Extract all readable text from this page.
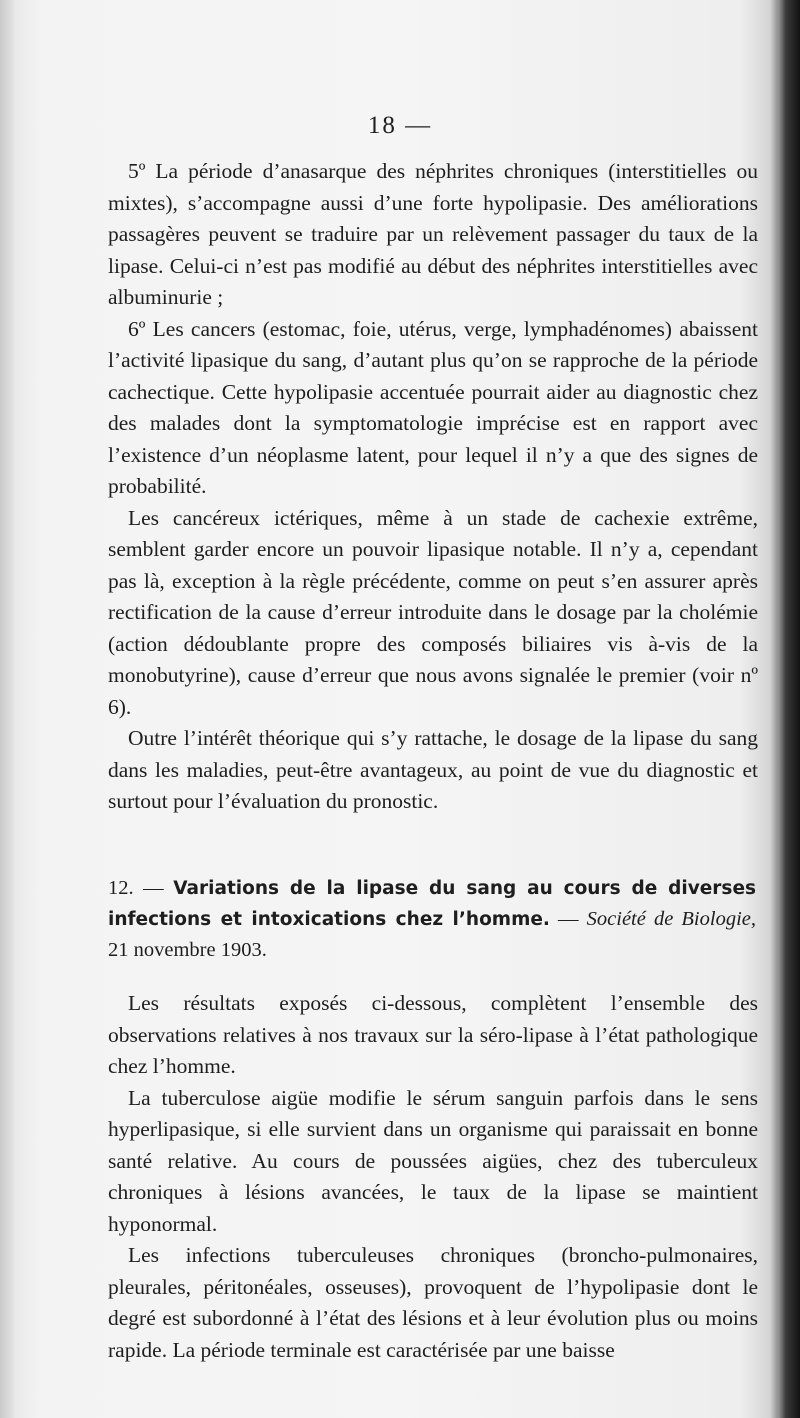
18 —

5º La période d’anasarque des néphrites chroniques (interstitielles ou mixtes), s’accompagne aussi d’une forte hypolipasie. Des améliorations passagères peuvent se traduire par un relèvement passager du taux de la lipase. Celui-ci n’est pas modifié au début des néphrites interstitielles avec albuminurie ;

6º Les cancers (estomac, foie, utérus, verge, lymphadénomes) abaissent l’activité lipasique du sang, d’autant plus qu’on se rapproche de la période cachectique. Cette hypolipasie accentuée pourrait aider au diagnostic chez des malades dont la symptomatologie imprécise est en rapport avec l’existence d’un néoplasme latent, pour lequel il n’y a que des signes de probabilité.

Les cancéreux ictériques, même à un stade de cachexie extrême, semblent garder encore un pouvoir lipasique notable. Il n’y a, cependant pas là, exception à la règle précédente, comme on peut s’en assurer après rectification de la cause d’erreur introduite dans le dosage par la cholémie (action dédoublante propre des composés biliaires vis à-vis de la monobutyrine), cause d’erreur que nous avons signalée le premier (voir nº 6).

Outre l’intérêt théorique qui s’y rattache, le dosage de la lipase du sang dans les maladies, peut-être avantageux, au point de vue du diagnostic et surtout pour l’évaluation du pronostic.

12. — Variations de la lipase du sang au cours de diverses infections et intoxications chez l’homme. — Société de Biologie, 21 novembre 1903.

Les résultats exposés ci-dessous, complètent l’ensemble des observations relatives à nos travaux sur la séro-lipase à l’état pathologique chez l’homme.

La tuberculose aigüe modifie le sérum sanguin parfois dans le sens hyperlipasique, si elle survient dans un organisme qui paraissait en bonne santé relative. Au cours de poussées aigües, chez des tuberculeux chroniques à lésions avancées, le taux de la lipase se maintient hyponormal.

Les infections tuberculeuses chroniques (broncho-pulmonaires, pleurales, péritonéales, osseuses), provoquent de l’hypolipasie dont le degré est subordonné à l’état des lésions et à leur évolution plus ou moins rapide. La période terminale est caractérisée par une baisse
